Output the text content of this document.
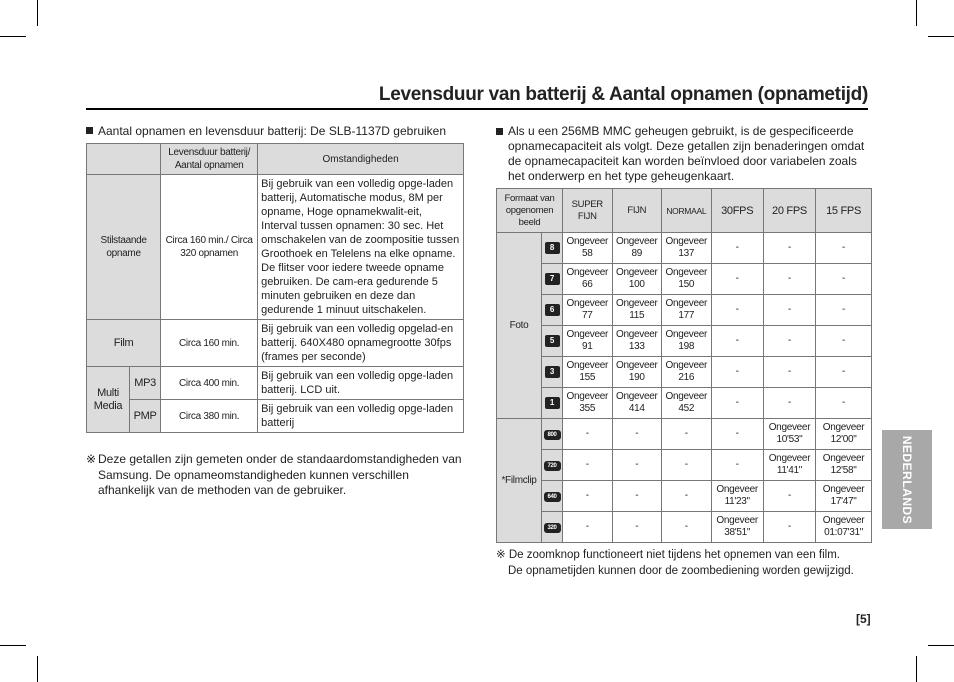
Levensduur van batterij & Aantal opnamen (opnametijd)
Aantal opnamen en levensduur batterij: De SLB-1137D gebruiken
		Levensduur batterij/ Aantal opnamen	Omstandigheden
Stilstaande opname		Circa 160 min./ Circa 320 opnamen	Bij gebruik van een volledig opge-laden batterij, Automatische modus, 8M per opname, Hoge opnamekwalit-eit, Interval tussen opnamen: 30 sec. Het omschakelen van de zoompositie tussen Groothoek en Telelens na elke opname. De flitser voor iedere tweede opname gebruiken. De cam-era gedurende 5 minuten gebruiken en deze dan gedurende 1 minuut uitschakelen.
Film		Circa 160 min.	Bij gebruik van een volledig opgelad-en batterij. 640X480 opnamegrootte 30fps (frames per seconde)
Multi Media	MP3	Circa 400 min.	Bij gebruik van een volledig opge-laden batterij. LCD uit.
	PMP	Circa 380 min.	Bij gebruik van een volledig opge-laden batterij
※ Deze getallen zijn gemeten onder de standaardomstandigheden van Samsung. De opnameomstandigheden kunnen verschillen afhankelijk van de methoden van de gebruiker.
Als u een 256MB MMC geheugen gebruikt, is de gespecificeerde opnamecapaciteit als volgt. Deze getallen zijn benaderingen omdat de opnamecapaciteit kan worden beïnvloed door variabelen zoals het onderwerp en het type geheugenkaart.
Formaat van opgenomen beeld		SUPER FIJN	FIJN	NORMAAL	30FPS	20 FPS	15 FPS
Foto	8	Ongeveer 58	Ongeveer 89	Ongeveer 137	-	-	-
	7	Ongeveer 66	Ongeveer 100	Ongeveer 150	-	-	-
	6	Ongeveer 77	Ongeveer 115	Ongeveer 177	-	-	-
	5	Ongeveer 91	Ongeveer 133	Ongeveer 198	-	-	-
	3	Ongeveer 155	Ongeveer 190	Ongeveer 216	-	-	-
	1	Ongeveer 355	Ongeveer 414	Ongeveer 452	-	-	-
*Filmclip	800	-	-	-	-	Ongeveer 10'53"	Ongeveer 12'00"
	720	-	-	-	-	Ongeveer 11'41"	Ongeveer 12'58"
	640	-	-	-	Ongeveer 11'23"	-	Ongeveer 17'47"
	320	-	-	-	Ongeveer 38'51"	-	Ongeveer 01:07'31"
※ De zoomknop functioneert niet tijdens het opnemen van een film.
De opnametijden kunnen door de zoombediening worden gewijzigd.
NEDERLANDS
[5]
